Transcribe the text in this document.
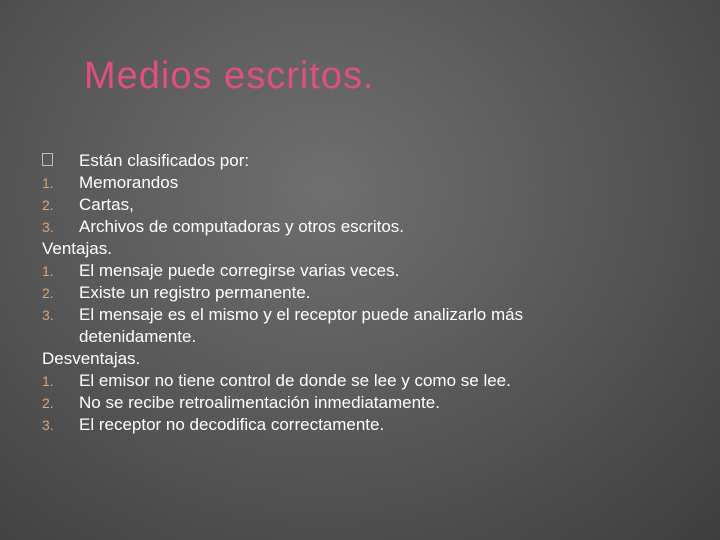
Medios escritos.
Están clasificados por:
1. Memorandos
2. Cartas,
3. Archivos de computadoras y otros escritos.
Ventajas.
1. El mensaje puede corregirse varias veces.
2. Existe un registro permanente.
3. El mensaje es el mismo y el receptor puede analizarlo más
detenidamente.
Desventajas.
1. El emisor no tiene control de donde se lee y como se lee.
2. No se recibe retroalimentación inmediatamente.
3. El receptor no decodifica correctamente.
